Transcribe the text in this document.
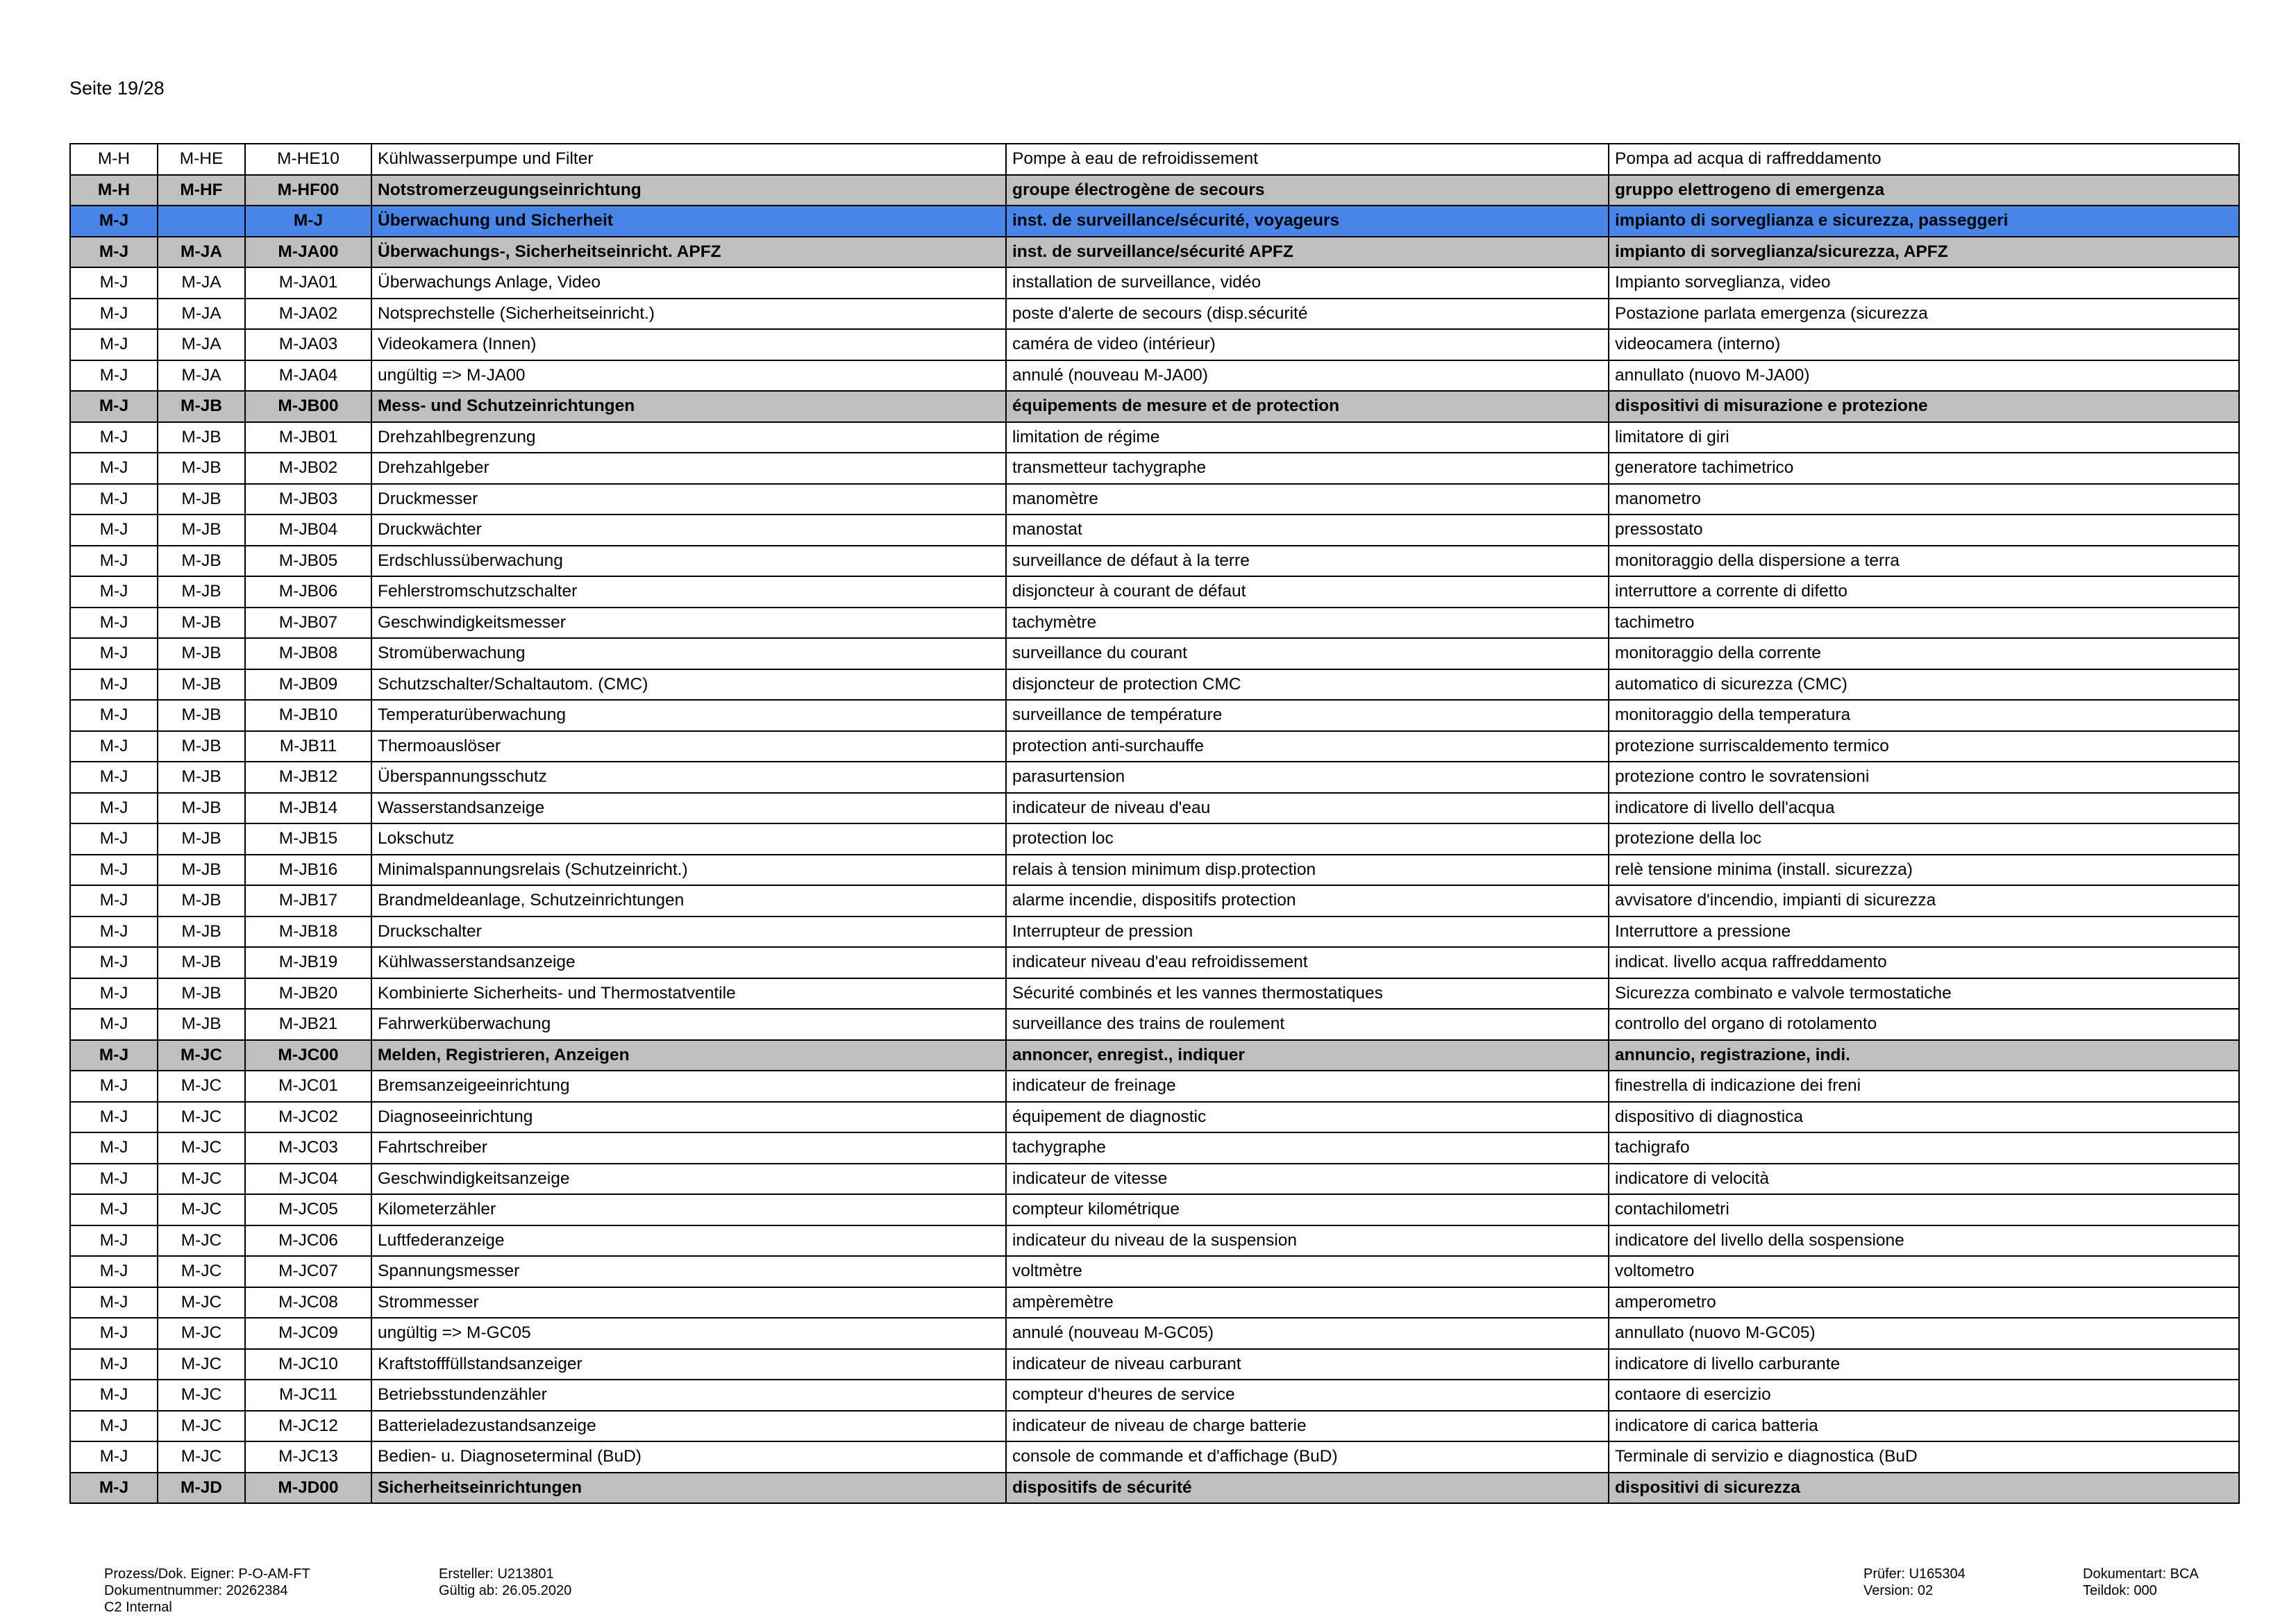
Seite 19/28
M-H	M-HE	M-HE10	Kühlwasserpumpe und Filter	Pompe à eau de refroidissement	Pompa ad acqua di raffreddamento
M-H	M-HF	M-HF00	Notstromerzeugungseinrichtung	groupe électrogène de secours	gruppo elettrogeno di emergenza
M-J		M-J	Überwachung und Sicherheit	inst. de surveillance/sécurité, voyageurs	impianto di sorveglianza e sicurezza, passeggeri
M-J	M-JA	M-JA00	Überwachungs-, Sicherheitseinricht. APFZ	inst. de surveillance/sécurité APFZ	impianto di sorveglianza/sicurezza, APFZ
M-J	M-JA	M-JA01	Überwachungs Anlage, Video	installation de surveillance, vidéo	Impianto sorveglianza, video
M-J	M-JA	M-JA02	Notsprechstelle (Sicherheitseinricht.)	poste d'alerte de secours (disp.sécurité	Postazione parlata emergenza (sicurezza
M-J	M-JA	M-JA03	Videokamera (Innen)	caméra de video (intérieur)	videocamera (interno)
M-J	M-JA	M-JA04	ungültig => M-JA00	annulé (nouveau M-JA00)	annullato (nuovo M-JA00)
M-J	M-JB	M-JB00	Mess- und Schutzeinrichtungen	équipements de mesure et de protection	dispositivi di misurazione e protezione
M-J	M-JB	M-JB01	Drehzahlbegrenzung	limitation de régime	limitatore di giri
M-J	M-JB	M-JB02	Drehzahlgeber	transmetteur tachygraphe	generatore tachimetrico
M-J	M-JB	M-JB03	Druckmesser	manomètre	manometro
M-J	M-JB	M-JB04	Druckwächter	manostat	pressostato
M-J	M-JB	M-JB05	Erdschlussüberwachung	surveillance de défaut à la terre	monitoraggio della dispersione a terra
M-J	M-JB	M-JB06	Fehlerstromschutzschalter	disjoncteur à courant de défaut	interruttore a corrente di difetto
M-J	M-JB	M-JB07	Geschwindigkeitsmesser	tachymètre	tachimetro
M-J	M-JB	M-JB08	Stromüberwachung	surveillance du courant	monitoraggio della corrente
M-J	M-JB	M-JB09	Schutzschalter/Schaltautom. (CMC)	disjoncteur de protection CMC	automatico di sicurezza (CMC)
M-J	M-JB	M-JB10	Temperaturüberwachung	surveillance de température	monitoraggio della temperatura
M-J	M-JB	M-JB11	Thermoauslöser	protection anti-surchauffe	protezione surriscaldemento termico
M-J	M-JB	M-JB12	Überspannungsschutz	parasurtension	protezione contro le sovratensioni
M-J	M-JB	M-JB14	Wasserstandsanzeige	indicateur de niveau d'eau	indicatore di livello dell'acqua
M-J	M-JB	M-JB15	Lokschutz	protection loc	protezione della loc
M-J	M-JB	M-JB16	Minimalspannungsrelais (Schutzeinricht.)	relais à tension minimum disp.protection	relè tensione minima (install. sicurezza)
M-J	M-JB	M-JB17	Brandmeldeanlage, Schutzeinrichtungen	alarme incendie, dispositifs protection	avvisatore d'incendio, impianti di sicurezza
M-J	M-JB	M-JB18	Druckschalter	Interrupteur de pression	Interruttore a pressione
M-J	M-JB	M-JB19	Kühlwasserstandsanzeige	indicateur niveau d'eau refroidissement	indicat. livello acqua raffreddamento
M-J	M-JB	M-JB20	Kombinierte Sicherheits- und Thermostatventile	Sécurité combinés et les vannes thermostatiques	Sicurezza combinato e valvole termostatiche
M-J	M-JB	M-JB21	Fahrwerküberwachung	surveillance des trains de roulement	controllo del organo di rotolamento
M-J	M-JC	M-JC00	Melden, Registrieren, Anzeigen	annoncer, enregist., indiquer	annuncio, registrazione, indi.
M-J	M-JC	M-JC01	Bremsanzeigeeinrichtung	indicateur de freinage	finestrella di indicazione dei freni
M-J	M-JC	M-JC02	Diagnoseeinrichtung	équipement de diagnostic	dispositivo di diagnostica
M-J	M-JC	M-JC03	Fahrtschreiber	tachygraphe	tachigrafo
M-J	M-JC	M-JC04	Geschwindigkeitsanzeige	indicateur de vitesse	indicatore di velocità
M-J	M-JC	M-JC05	Kilometerzähler	compteur kilométrique	contachilometri
M-J	M-JC	M-JC06	Luftfederanzeige	indicateur du niveau de la suspension	indicatore del livello della sospensione
M-J	M-JC	M-JC07	Spannungsmesser	voltmètre	voltometro
M-J	M-JC	M-JC08	Strommesser	ampèremètre	amperometro
M-J	M-JC	M-JC09	ungültig => M-GC05	annulé (nouveau M-GC05)	annullato (nuovo M-GC05)
M-J	M-JC	M-JC10	Kraftstofffüllstandsanzeiger	indicateur de niveau carburant	indicatore di livello carburante
M-J	M-JC	M-JC11	Betriebsstundenzähler	compteur d'heures de service	contaore di esercizio
M-J	M-JC	M-JC12	Batterieladezustandsanzeige	indicateur de niveau de charge batterie	indicatore di carica batteria
M-J	M-JC	M-JC13	Bedien- u. Diagnoseterminal (BuD)	console de commande et d'affichage (BuD)	Terminale di servizio e diagnostica (BuD
M-J	M-JD	M-JD00	Sicherheitseinrichtungen	dispositifs de sécurité	dispositivi di sicurezza
Prozess/Dok. Eigner: P-O-AM-FT
Dokumentnummer: 20262384
C2 Internal
Ersteller: U213801
Gültig ab: 26.05.2020
Prüfer: U165304
Version: 02
Dokumentart: BCA
Teildok: 000
